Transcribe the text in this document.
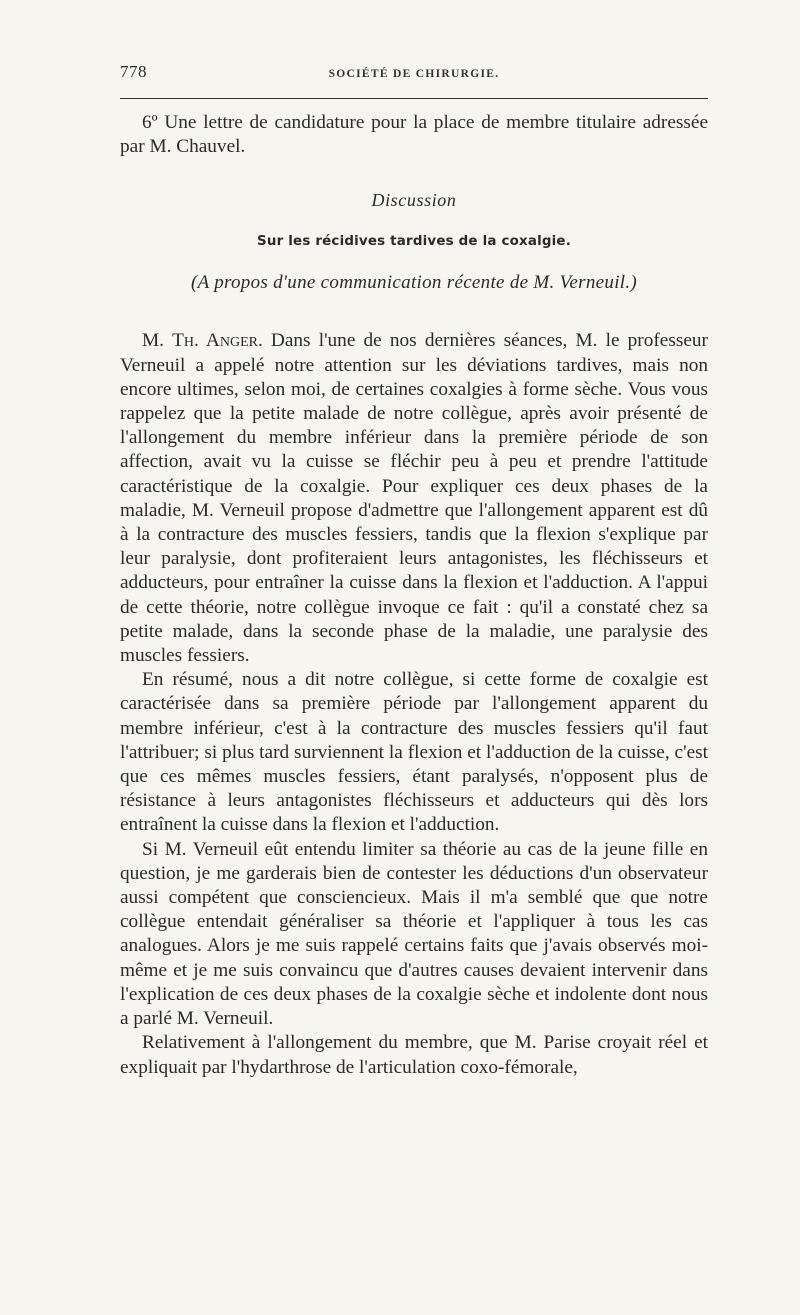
778	SOCIÉTÉ DE CHIRURGIE.

6º Une lettre de candidature pour la place de membre titulaire adressée par M. Chauvel.

Discussion
Sur les récidives tardives de la coxalgie.
(A propos d'une communication récente de M. Verneuil.)

M. Th. Anger. Dans l'une de nos dernières séances, M. le professeur Verneuil a appelé notre attention sur les déviations tardives, mais non encore ultimes, selon moi, de certaines coxalgies à forme sèche. Vous vous rappelez que la petite malade de notre collègue, après avoir présenté de l'allongement du membre inférieur dans la première période de son affection, avait vu la cuisse se fléchir peu à peu et prendre l'attitude caractéristique de la coxalgie. Pour expliquer ces deux phases de la maladie, M. Verneuil propose d'admettre que l'allongement apparent est dû à la contracture des muscles fessiers, tandis que la flexion s'explique par leur paralysie, dont profiteraient leurs antagonistes, les fléchisseurs et adducteurs, pour entraîner la cuisse dans la flexion et l'adduction. A l'appui de cette théorie, notre collègue invoque ce fait : qu'il a constaté chez sa petite malade, dans la seconde phase de la maladie, une paralysie des muscles fessiers.

En résumé, nous a dit notre collègue, si cette forme de coxalgie est caractérisée dans sa première période par l'allongement apparent du membre inférieur, c'est à la contracture des muscles fessiers qu'il faut l'attribuer; si plus tard surviennent la flexion et l'adduction de la cuisse, c'est que ces mêmes muscles fessiers, étant paralysés, n'opposent plus de résistance à leurs antagonistes fléchisseurs et adducteurs qui dès lors entraînent la cuisse dans la flexion et l'adduction.

Si M. Verneuil eût entendu limiter sa théorie au cas de la jeune fille en question, je me garderais bien de contester les déductions d'un observateur aussi compétent que consciencieux. Mais il m'a semblé que que notre collègue entendait généraliser sa théorie et l'appliquer à tous les cas analogues. Alors je me suis rappelé certains faits que j'avais observés moi-même et je me suis convaincu que d'autres causes devaient intervenir dans l'explication de ces deux phases de la coxalgie sèche et indolente dont nous a parlé M. Verneuil.

Relativement à l'allongement du membre, que M. Parise croyait réel et expliquait par l'hydarthrose de l'articulation coxo-fémorale,
